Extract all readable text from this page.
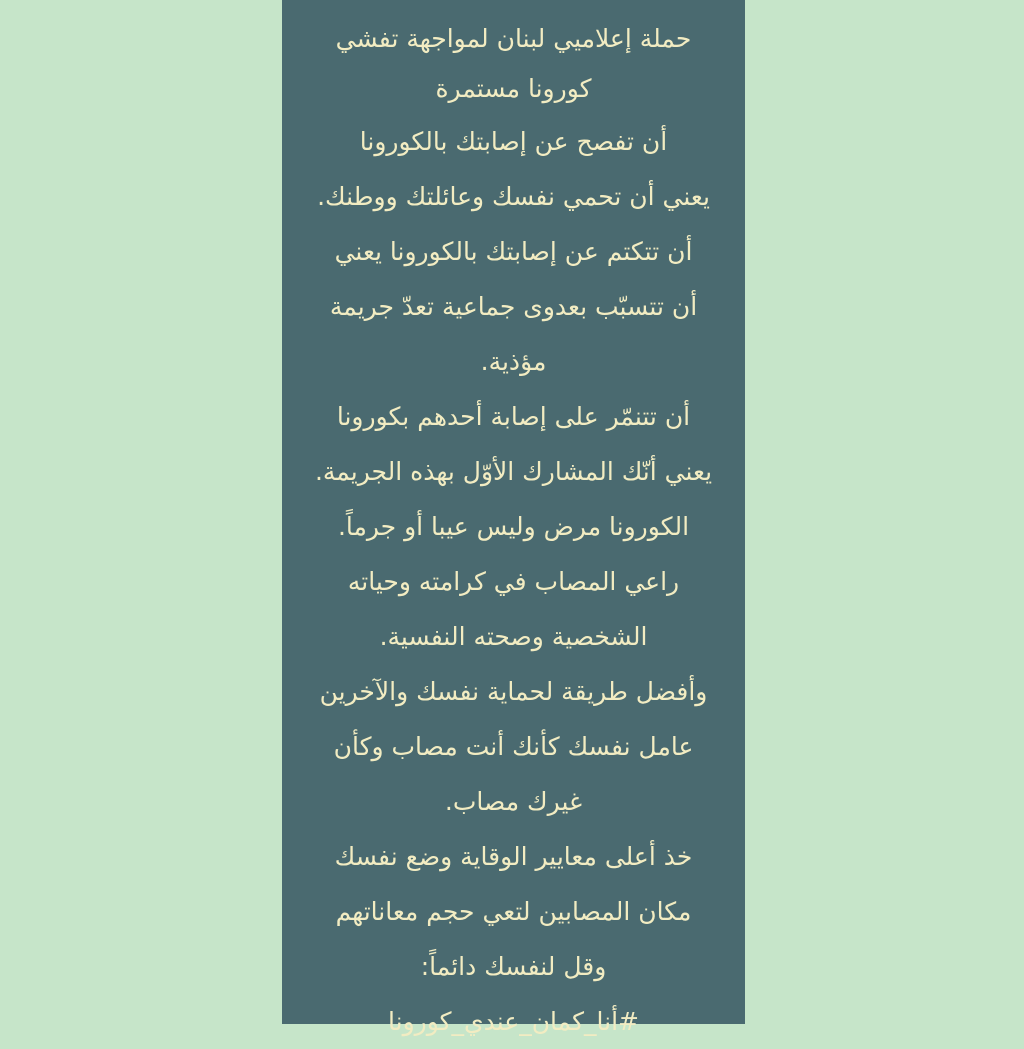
حملة إعلاميي لبنان لمواجهة تفشي
كورونا مستمرة
أن تفصح عن إصابتك بالكورونا
يعني أن تحمي نفسك وعائلتك ووطنك.
أن تتكتم عن إصابتك بالكورونا يعني
أن تتسبّب بعدوى جماعية تعدّ جريمة
مؤذية.
أن تتنمّر على إصابة أحدهم بكورونا
يعني أنّك المشارك الأوّل بهذه الجريمة.
الكورونا مرض وليس عيبا أو جرماً.
راعي المصاب في كرامته وحياته
الشخصية وصحته النفسية.
وأفضل طريقة لحماية نفسك والآخرين
عامل نفسك كأنك أنت مصاب وكأن
غيرك مصاب.
خذ أعلى معايير الوقاية وضع نفسك
مكان المصابين لتعي حجم معاناتهم
وقل لنفسك دائماً:
#أنا_كمان_عندي_كورونا
